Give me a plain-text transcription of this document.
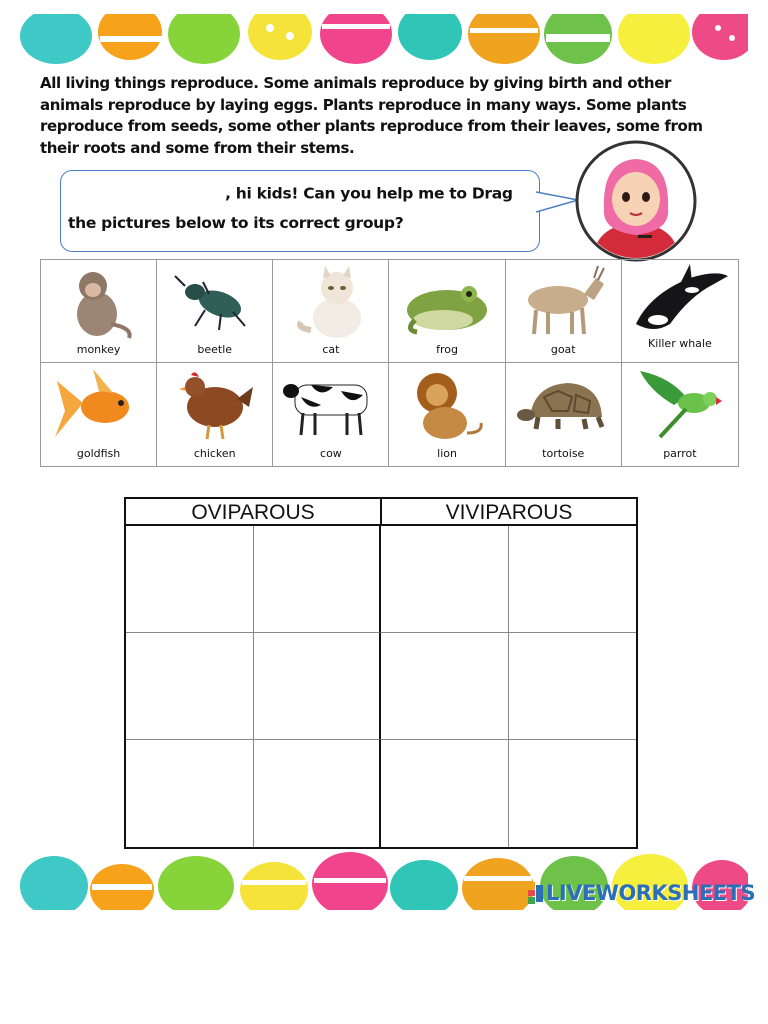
All living things reproduce. Some animals reproduce by giving birth and other animals reproduce by laying eggs. Plants reproduce in many ways. Some plants reproduce from seeds, some other plants reproduce from their leaves, some from their roots and some from their stems.
, hi kids! Can you help me to Drag
the pictures below to its correct group?
monkey	beetle	cat	frog	goat	Killer whale
goldfish	chicken	cow	lion	tortoise	parrot
OVIPAROUS	VIVIPAROUS
LIVEWORKSHEETS
